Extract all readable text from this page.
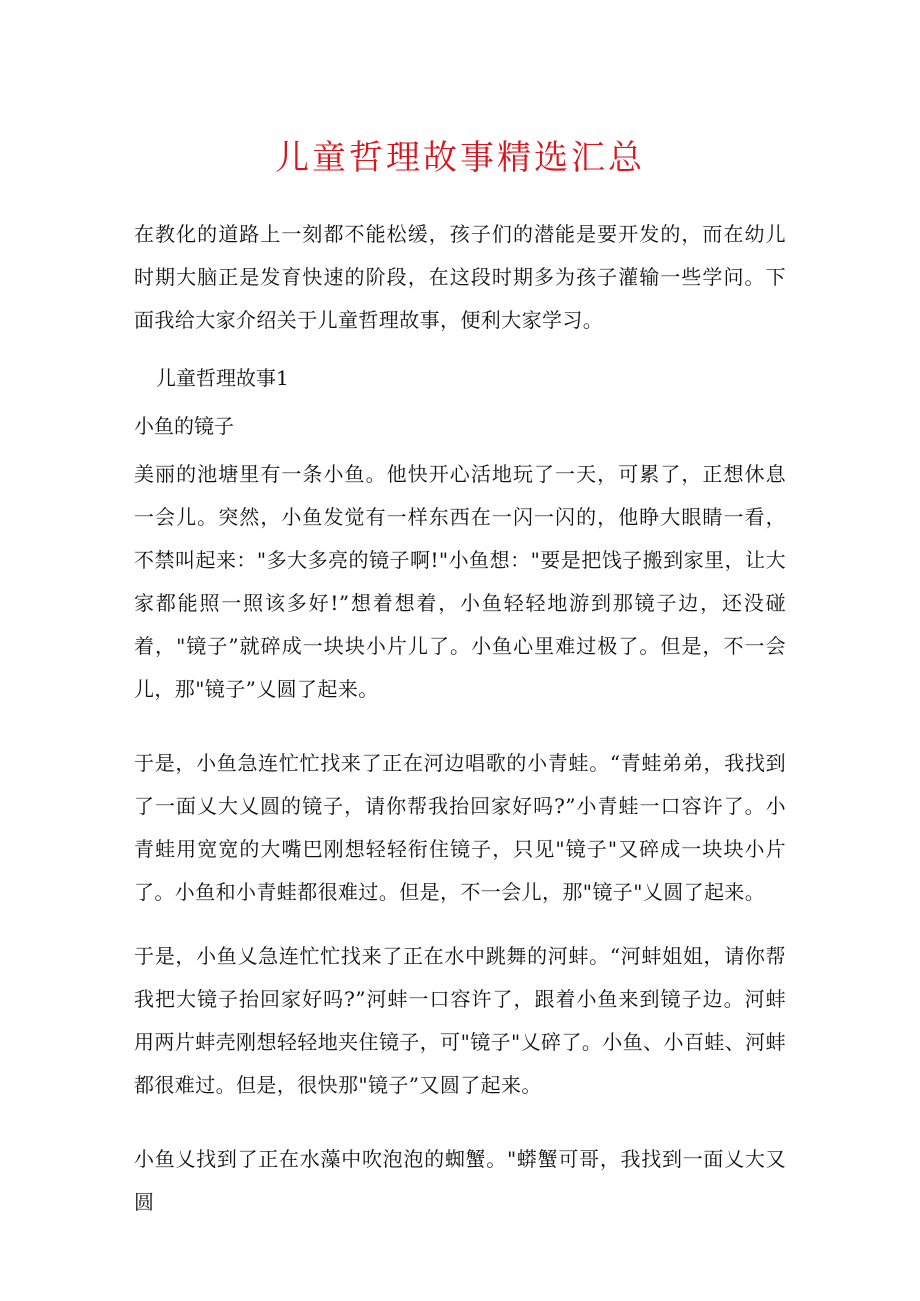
儿童哲理故事精选汇总

在教化的道路上一刻都不能松缓，孩子们的潜能是要开发的，而在幼儿时期大脑正是发育快速的阶段，在这段时期多为孩子灌输一些学问。下面我给大家介绍关于儿童哲理故事，便利大家学习。

儿童哲理故事1

小鱼的镜子

美丽的池塘里有一条小鱼。他快开心活地玩了一天，可累了，正想休息一会儿。突然，小鱼发觉有一样东西在一闪一闪的，他睁大眼睛一看，不禁叫起来："多大多亮的镜子啊!"小鱼想："要是把饯子搬到家里，让大家都能照一照该多好!”想着想着，小鱼轻轻地游到那镜子边，还没碰着，"镜子”就碎成一块块小片儿了。小鱼心里难过极了。但是，不一会儿，那"镜子”乂圆了起来。

于是，小鱼急连忙忙找来了正在河边唱歌的小青蛙。“青蛙弟弟，我找到了一面乂大乂圆的镜子，请你帮我抬回家好吗?”小青蛙一口容许了。小青蛙用宽宽的大嘴巴刚想轻轻衔住镜子，只见"镜子"又碎成一块块小片了。小鱼和小青蛙都很难过。但是，不一会儿，那"镜子"乂圆了起来。

于是，小鱼乂急连忙忙找来了正在水中跳舞的河蚌。“河蚌姐姐，请你帮我把大镜子抬回家好吗?”河蚌一口容许了，跟着小鱼来到镜子边。河蚌用两片蚌壳刚想轻轻地夹住镜子，可"镜子"乂碎了。小鱼、小百蛙、河蚌都很难过。但是，很快那"镜子”又圆了起来。

小鱼乂找到了正在水藻中吹泡泡的蜘蟹。"蟒蟹可哥，我找到一面乂大又圆
